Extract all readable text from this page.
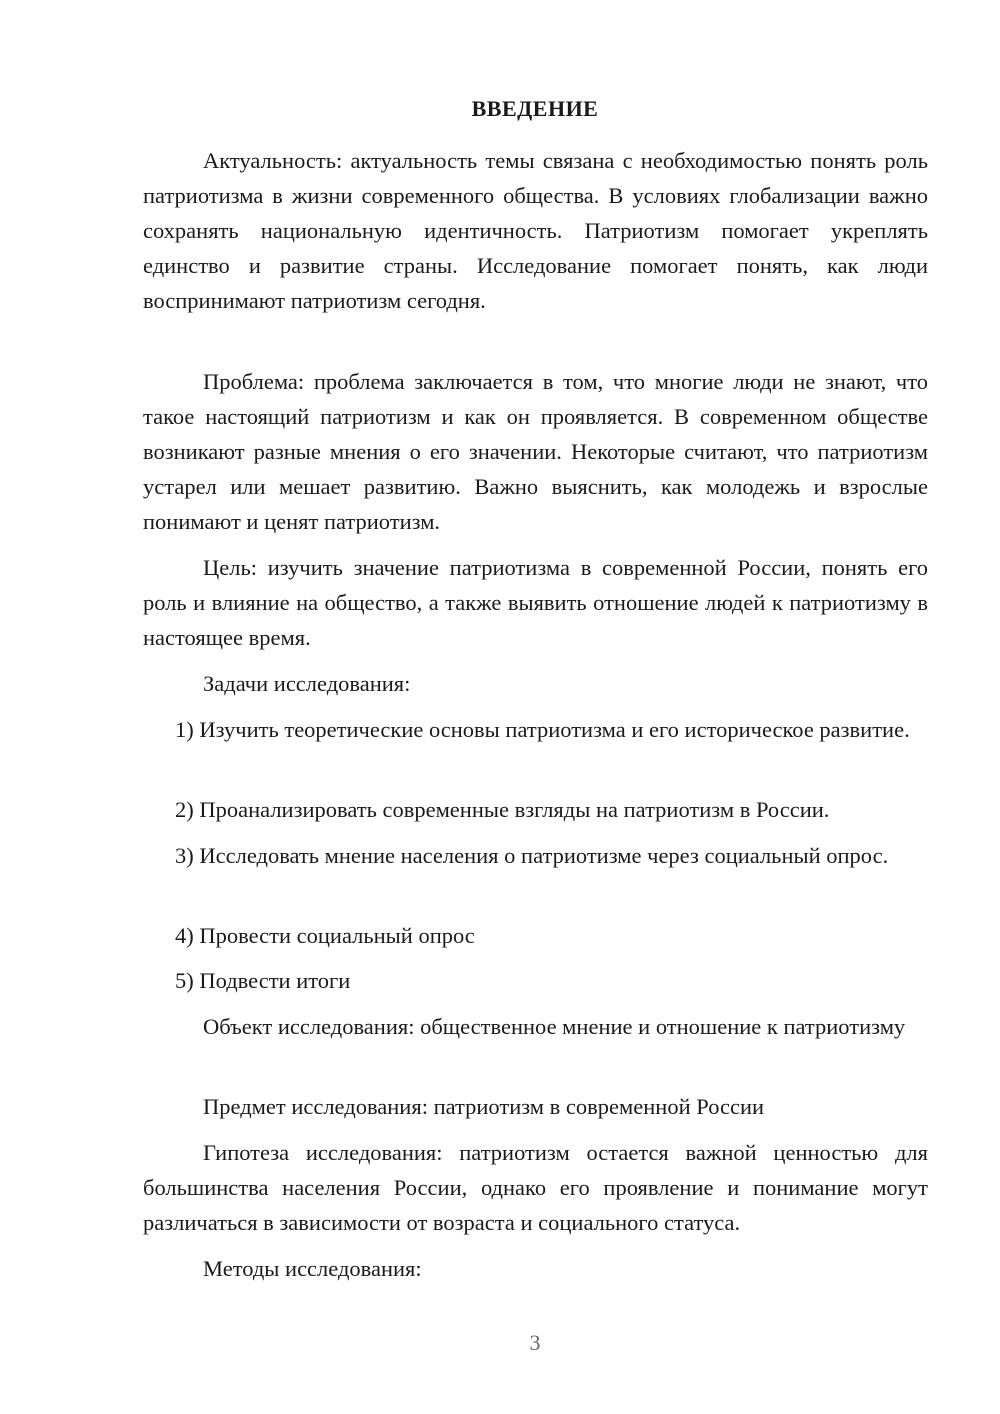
ВВЕДЕНИЕ
Актуальность: актуальность темы связана с необходимостью понять роль патриотизма в жизни современного общества. В условиях глобализации важно сохранять национальную идентичность. Патриотизм помогает укреплять единство и развитие страны. Исследование помогает понять, как люди воспринимают патриотизм сегодня.
Проблема: проблема заключается в том, что многие люди не знают, что такое настоящий патриотизм и как он проявляется. В современном обществе возникают разные мнения о его значении. Некоторые считают, что патриотизм устарел или мешает развитию. Важно выяснить, как молодежь и взрослые понимают и ценят патриотизм.
Цель: изучить значение патриотизма в современной России, понять его роль и влияние на общество, а также выявить отношение людей к патриотизму в настоящее время.
Задачи исследования:
1) Изучить теоретические основы патриотизма и его историческое развитие.
2) Проанализировать современные взгляды на патриотизм в России.
3) Исследовать мнение населения о патриотизме через социальный опрос.
4) Провести социальный опрос
5) Подвести итоги
Объект исследования: общественное мнение и отношение к патриотизму
Предмет исследования: патриотизм в современной России
Гипотеза исследования: патриотизм остается важной ценностью для большинства населения России, однако его проявление и понимание могут различаться в зависимости от возраста и социального статуса.
Методы исследования:
3
